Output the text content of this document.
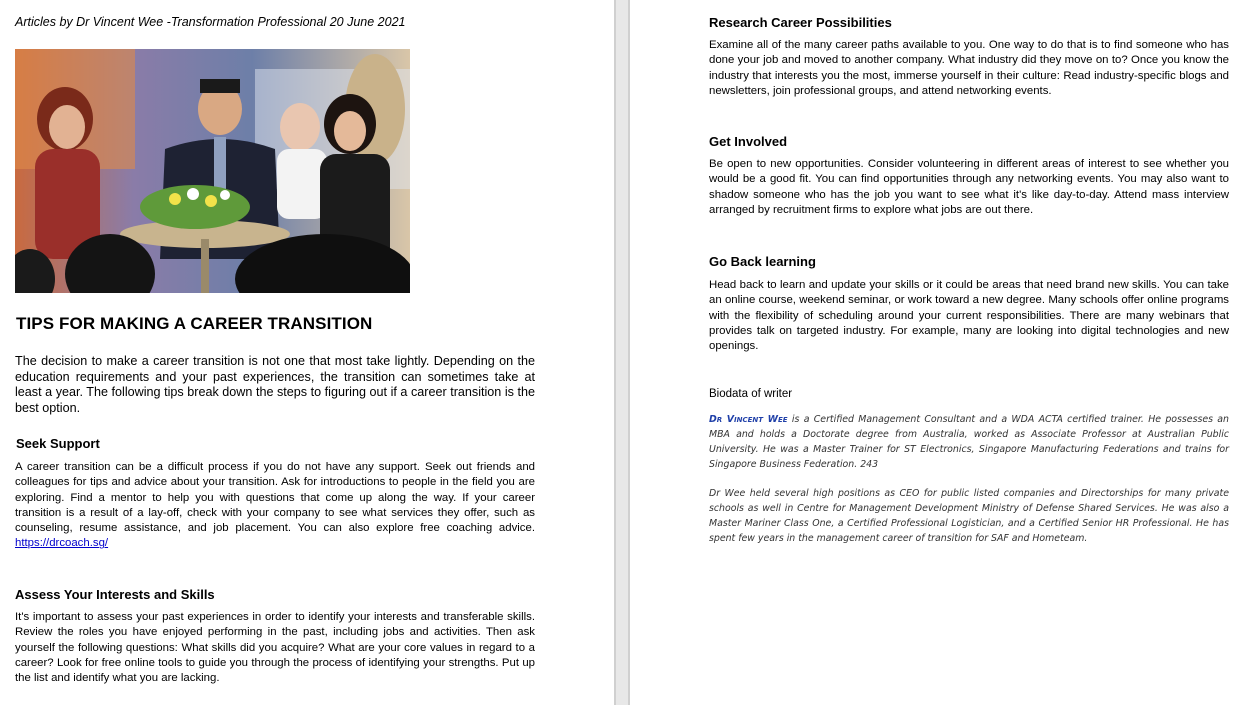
Articles by Dr Vincent Wee -Transformation Professional 20 June 2021
TIPS FOR MAKING A CAREER TRANSITION
The decision to make a career transition is not one that most take lightly. Depending on the education requirements and your past experiences, the transition can sometimes take at least a year. The following tips break down the steps to figuring out if a career transition is the best option.
Seek Support
A career transition can be a difficult process if you do not have any support. Seek out friends and colleagues for tips and advice about your transition. Ask for introductions to people in the field you are exploring. Find a mentor to help you with questions that come up along the way. If your career transition is a result of a lay-off, check with your company to see what services they offer, such as counseling, resume assistance, and job placement. You can also explore free coaching advice. https://drcoach.sg/
Assess Your Interests and Skills
It's important to assess your past experiences in order to identify your interests and transferable skills. Review the roles you have enjoyed performing in the past, including jobs and activities. Then ask yourself the following questions: What skills did you acquire? What are your core values in regard to a career? Look for free online tools to guide you through the process of identifying your strengths. Put up the list and identify what you are lacking.
Research Career Possibilities
Examine all of the many career paths available to you. One way to do that is to find someone who has done your job and moved to another company. What industry did they move on to? Once you know the industry that interests you the most, immerse yourself in their culture: Read industry-specific blogs and newsletters, join professional groups, and attend networking events.
Get Involved
Be open to new opportunities. Consider volunteering in different areas of interest to see whether you would be a good fit. You can find opportunities through any networking events. You may also want to shadow someone who has the job you want to see what it's like day-to-day. Attend mass interview arranged by recruitment firms to explore what jobs are out there.
Go Back learning
Head back to learn and update your skills or it could be areas that need brand new skills. You can take an online course, weekend seminar, or work toward a new degree. Many schools offer online programs with the flexibility of scheduling around your current responsibilities. There are many webinars that provides talk on targeted industry. For example, many are looking into digital technologies and new openings.
Biodata of writer
Dr Vincent Wee is a Certified Management Consultant and a WDA ACTA certified trainer. He possesses an MBA and holds a Doctorate degree from Australia, worked as Associate Professor at Australian Public University. He was a Master Trainer for ST Electronics, Singapore Manufacturing Federations and trains for Singapore Business Federation. 243
Dr Wee held several high positions as CEO for public listed companies and Directorships for many private schools as well in Centre for Management Development Ministry of Defense Shared Services. He was also a Master Mariner Class One, a Certified Professional Logistician, and a Certified Senior HR Professional. He has spent few years in the management career of transition for SAF and Hometeam.
